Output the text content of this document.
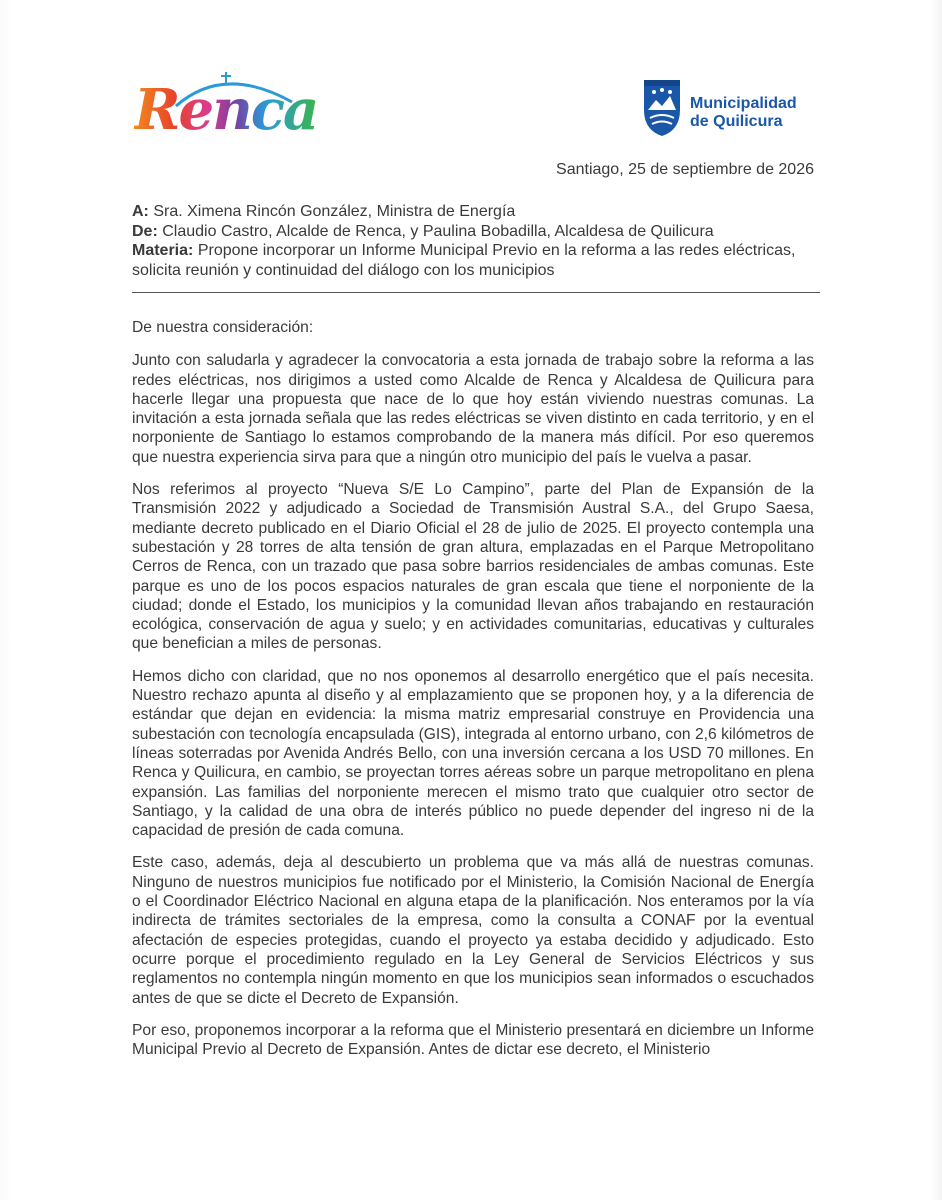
Renca	Municipalidad
de Quilicura
Santiago, 25 de septiembre de 2026
A: Sra. Ximena Rincón González, Ministra de Energía
De: Claudio Castro, Alcalde de Renca, y Paulina Bobadilla, Alcaldesa de Quilicura
Materia: Propone incorporar un Informe Municipal Previo en la reforma a las redes eléctricas, solicita reunión y continuidad del diálogo con los municipios

De nuestra consideración:

Junto con saludarla y agradecer la convocatoria a esta jornada de trabajo sobre la reforma a las redes eléctricas, nos dirigimos a usted como Alcalde de Renca y Alcaldesa de Quilicura para hacerle llegar una propuesta que nace de lo que hoy están viviendo nuestras comunas. La invitación a esta jornada señala que las redes eléctricas se viven distinto en cada territorio, y en el norponiente de Santiago lo estamos comprobando de la manera más difícil. Por eso queremos que nuestra experiencia sirva para que a ningún otro municipio del país le vuelva a pasar.

Nos referimos al proyecto “Nueva S/E Lo Campino”, parte del Plan de Expansión de la Transmisión 2022 y adjudicado a Sociedad de Transmisión Austral S.A., del Grupo Saesa, mediante decreto publicado en el Diario Oficial el 28 de julio de 2025. El proyecto contempla una subestación y 28 torres de alta tensión de gran altura, emplazadas en el Parque Metropolitano Cerros de Renca, con un trazado que pasa sobre barrios residenciales de ambas comunas. Este parque es uno de los pocos espacios naturales de gran escala que tiene el norponiente de la ciudad; donde el Estado, los municipios y la comunidad llevan años trabajando en restauración ecológica, conservación de agua y suelo; y en actividades comunitarias, educativas y culturales que benefician a miles de personas.

Hemos dicho con claridad, que no nos oponemos al desarrollo energético que el país necesita. Nuestro rechazo apunta al diseño y al emplazamiento que se proponen hoy, y a la diferencia de estándar que dejan en evidencia: la misma matriz empresarial construye en Providencia una subestación con tecnología encapsulada (GIS), integrada al entorno urbano, con 2,6 kilómetros de líneas soterradas por Avenida Andrés Bello, con una inversión cercana a los USD 70 millones. En Renca y Quilicura, en cambio, se proyectan torres aéreas sobre un parque metropolitano en plena expansión. Las familias del norponiente merecen el mismo trato que cualquier otro sector de Santiago, y la calidad de una obra de interés público no puede depender del ingreso ni de la capacidad de presión de cada comuna.

Este caso, además, deja al descubierto un problema que va más allá de nuestras comunas. Ninguno de nuestros municipios fue notificado por el Ministerio, la Comisión Nacional de Energía o el Coordinador Eléctrico Nacional en alguna etapa de la planificación. Nos enteramos por la vía indirecta de trámites sectoriales de la empresa, como la consulta a CONAF por la eventual afectación de especies protegidas, cuando el proyecto ya estaba decidido y adjudicado. Esto ocurre porque el procedimiento regulado en la Ley General de Servicios Eléctricos y sus reglamentos no contempla ningún momento en que los municipios sean informados o escuchados antes de que se dicte el Decreto de Expansión.

Por eso, proponemos incorporar a la reforma que el Ministerio presentará en diciembre un Informe Municipal Previo al Decreto de Expansión. Antes de dictar ese decreto, el Ministerio
